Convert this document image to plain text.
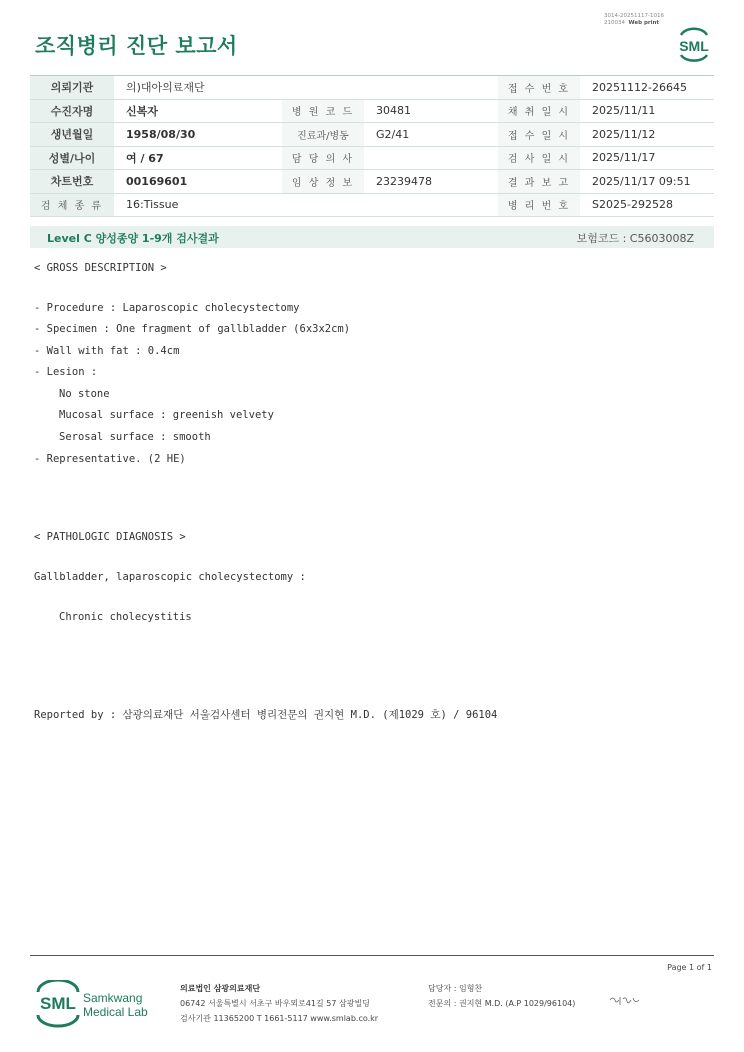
3014-20251117-1016
210034 Web print
조직병리 진단 보고서	SML
의뢰기관	의)대아의료재단			접 수 번 호	20251112-26645
수진자명	신복자	병 원 코 드	30481	채 취 일 시	2025/11/11
생년월일	1958/08/30	진료과/병동	G2/41	접 수 일 시	2025/11/12
성별/나이	여 / 67	담 당 의 사		검 사 일 시	2025/11/17
차트번호	00169601	임 상 정 보	23239478	결 과 보 고	2025/11/17 09:51
검 체 종 류	16:Tissue			병 리 번 호	S2025-292528
Level C 양성종양 1-9개 검사결과	보험코드 : C5603008Z
< GROSS DESCRIPTION >
- Procedure : Laparoscopic cholecystectomy
- Specimen : One fragment of gallbladder (6x3x2cm)
- Wall with fat : 0.4cm
- Lesion :
No stone
Mucosal surface : greenish velvety
Serosal surface : smooth
- Representative. (2 HE)
< PATHOLOGIC DIAGNOSIS >
Gallbladder, laparoscopic cholecystectomy :
Chronic cholecystitis
Reported by : 삼광의료재단 서울검사센터 병리전문의 권지현 M.D. (제1029 호) / 96104
Page 1 of 1
SML Samkwang
Medical Lab
의료법인 삼광의료재단
06742 서울특별시 서초구 바우뫼로41길 57 삼광빌딩
검사기관 11365200 T 1661-5117 www.smlab.co.kr
담당자 : 임형찬
전문의 : 권지현 M.D. (A.P 1029/96104)
